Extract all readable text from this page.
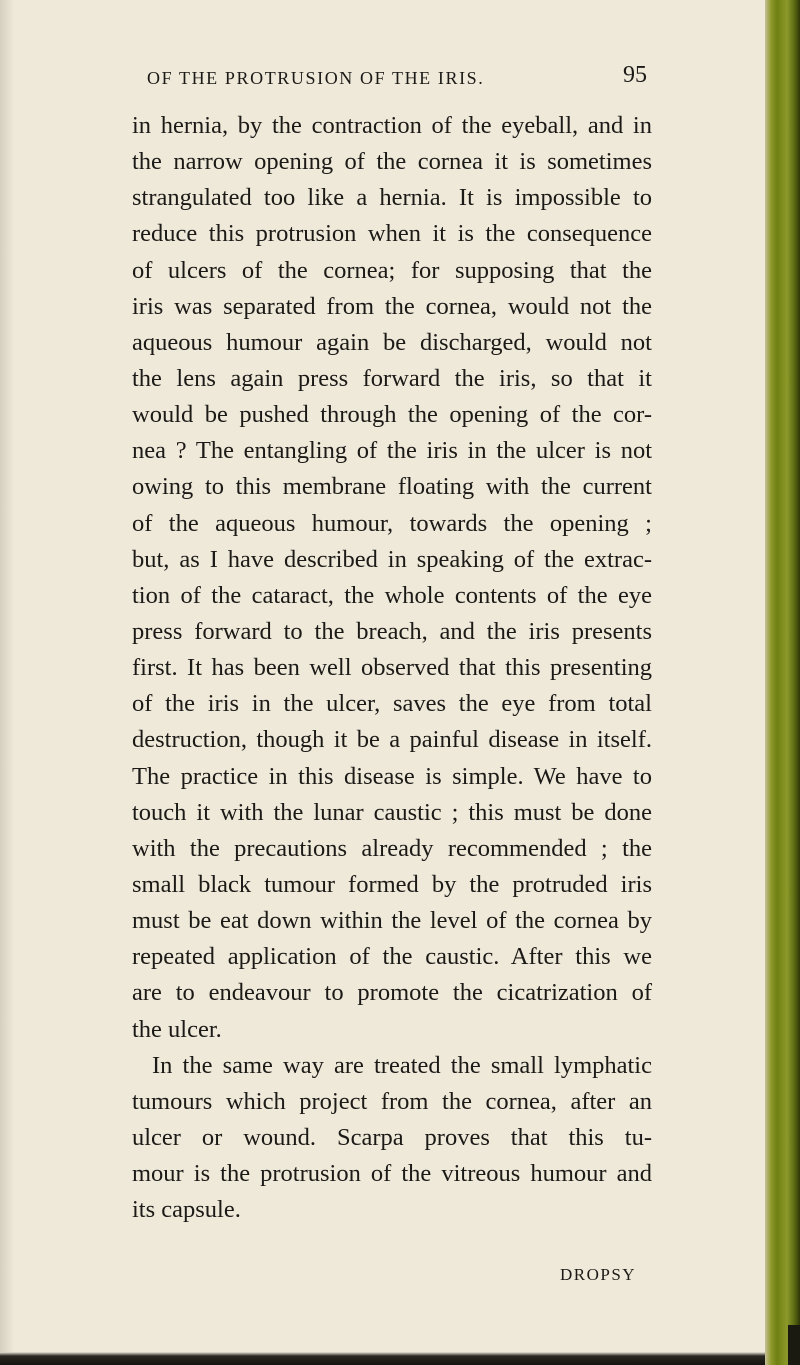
OF THE PROTRUSION OF THE IRIS.	95
in hernia, by the contraction of the eyeball, and in
the narrow opening of the cornea it is sometimes
strangulated too like a hernia. It is impossible to
reduce this protrusion when it is the consequence
of ulcers of the cornea; for supposing that the
iris was separated from the cornea, would not the
aqueous humour again be discharged, would not
the lens again press forward the iris, so that it
would be pushed through the opening of the cor-
nea ? The entangling of the iris in the ulcer is not
owing to this membrane floating with the current
of the aqueous humour, towards the opening ;
but, as I have described in speaking of the extrac-
tion of the cataract, the whole contents of the eye
press forward to the breach, and the iris presents
first. It has been well observed that this presenting
of the iris in the ulcer, saves the eye from total
destruction, though it be a painful disease in itself.
The practice in this disease is simple. We have to
touch it with the lunar caustic ; this must be done
with the precautions already recommended ; the
small black tumour formed by the protruded iris
must be eat down within the level of the cornea by
repeated application of the caustic. After this we
are to endeavour to promote the cicatrization of
the ulcer.
In the same way are treated the small lymphatic
tumours which project from the cornea, after an
ulcer or wound. Scarpa proves that this tu-
mour is the protrusion of the vitreous humour and
its capsule.
DROPSY
